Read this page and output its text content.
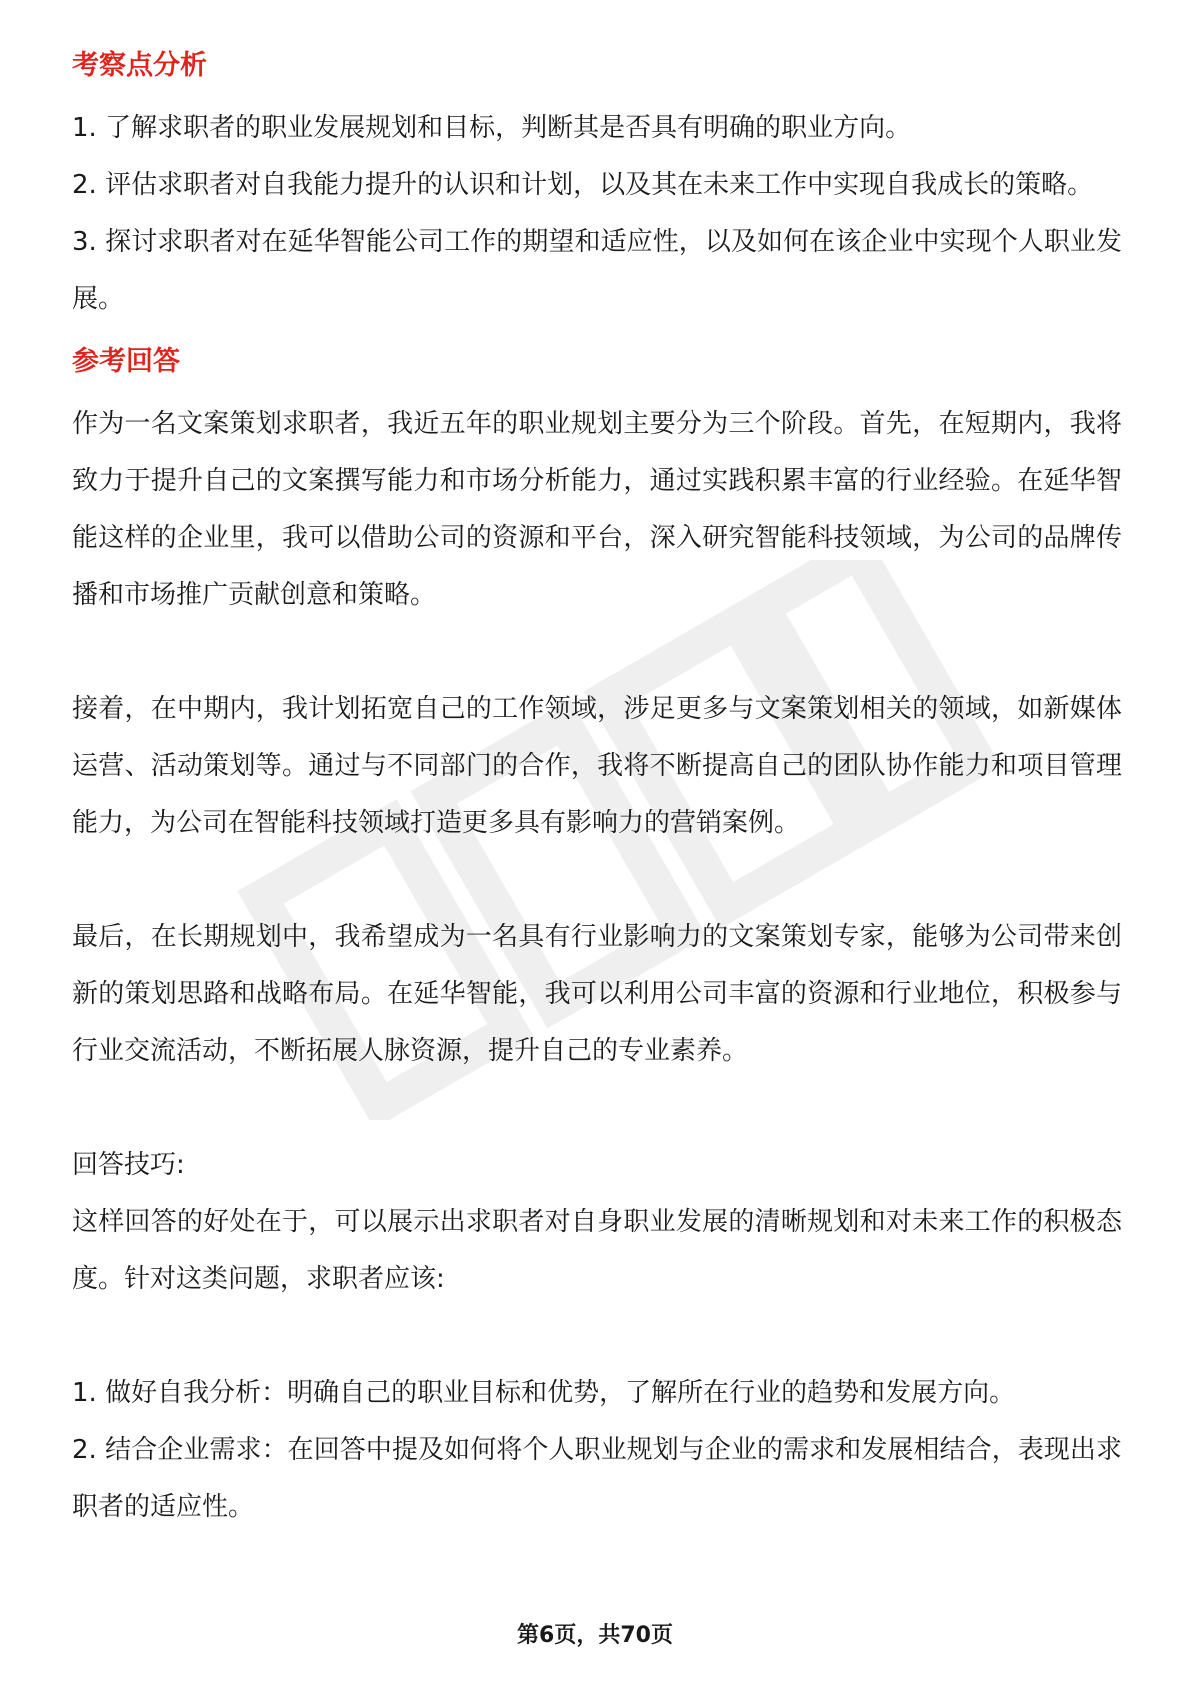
考察点分析

1. 了解求职者的职业发展规划和目标，判断其是否具有明确的职业方向。

2. 评估求职者对自我能力提升的认识和计划，以及其在未来工作中实现自我成长的策略。

3. 探讨求职者对在延华智能公司工作的期望和适应性，以及如何在该企业中实现个人职业发展。

参考回答

作为一名文案策划求职者，我近五年的职业规划主要分为三个阶段。首先，在短期内，我将致力于提升自己的文案撰写能力和市场分析能力，通过实践积累丰富的行业经验。在延华智能这样的企业里，我可以借助公司的资源和平台，深入研究智能科技领域，为公司的品牌传播和市场推广贡献创意和策略。

接着，在中期内，我计划拓宽自己的工作领域，涉足更多与文案策划相关的领域，如新媒体运营、活动策划等。通过与不同部门的合作，我将不断提高自己的团队协作能力和项目管理能力，为公司在智能科技领域打造更多具有影响力的营销案例。

最后，在长期规划中，我希望成为一名具有行业影响力的文案策划专家，能够为公司带来创新的策划思路和战略布局。在延华智能，我可以利用公司丰富的资源和行业地位，积极参与行业交流活动，不断拓展人脉资源，提升自己的专业素养。

回答技巧:

这样回答的好处在于，可以展示出求职者对自身职业发展的清晰规划和对未来工作的积极态度。针对这类问题，求职者应该:

1. 做好自我分析：明确自己的职业目标和优势，了解所在行业的趋势和发展方向。

2. 结合企业需求：在回答中提及如何将个人职业规划与企业的需求和发展相结合，表现出求职者的适应性。

第6页，共70页
